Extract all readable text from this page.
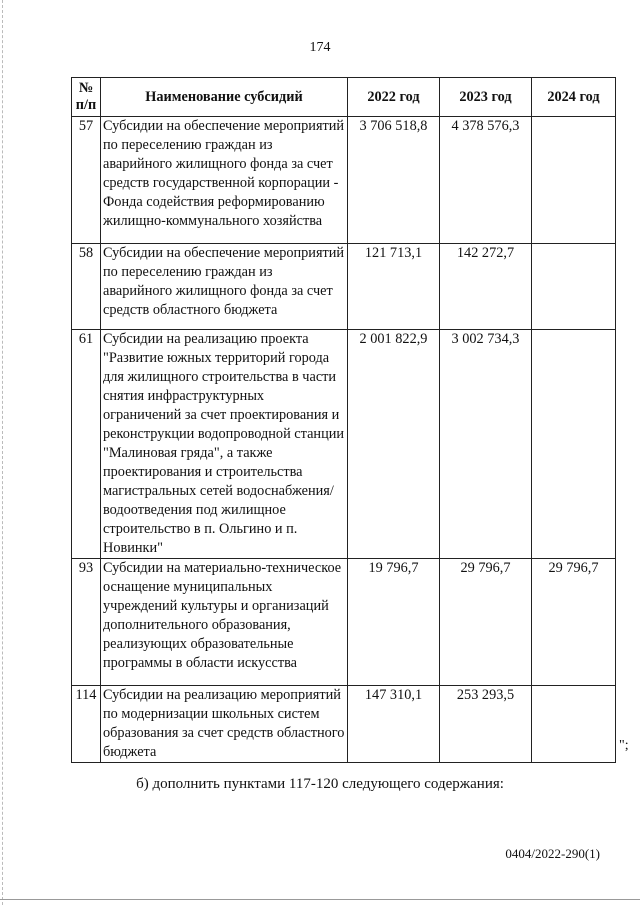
174
№ п/п	Наименование субсидий	2022 год	2023 год	2024 год
57	Субсидии на обеспечение мероприятий по переселению граждан из аварийного жилищного фонда за счет средств государственной корпорации - Фонда содействия реформированию жилищно-коммунального хозяйства	3 706 518,8	4 378 576,3	
58	Субсидии на обеспечение мероприятий по переселению граждан из аварийного жилищного фонда за счет средств областного бюджета	121 713,1	142 272,7	
61	Субсидии на реализацию проекта "Развитие южных территорий города для жилищного строительства в части снятия инфраструктурных ограничений за счет проектирования и реконструкции водопроводной станции "Малиновая гряда", а также проектирования и строительства магистральных сетей водоснабжения/водоотведения под жилищное строительство в п. Ольгино и п. Новинки"	2 001 822,9	3 002 734,3	
93	Субсидии на материально-техническое оснащение муниципальных учреждений культуры и организаций дополнительного образования, реализующих образовательные программы в области искусства	19 796,7	29 796,7	29 796,7
114	Субсидии на реализацию мероприятий по модернизации школьных систем образования за счет средств областного бюджета	147 310,1	253 293,5	
";
б) дополнить пунктами 117-120 следующего содержания:
0404/2022-290(1)
